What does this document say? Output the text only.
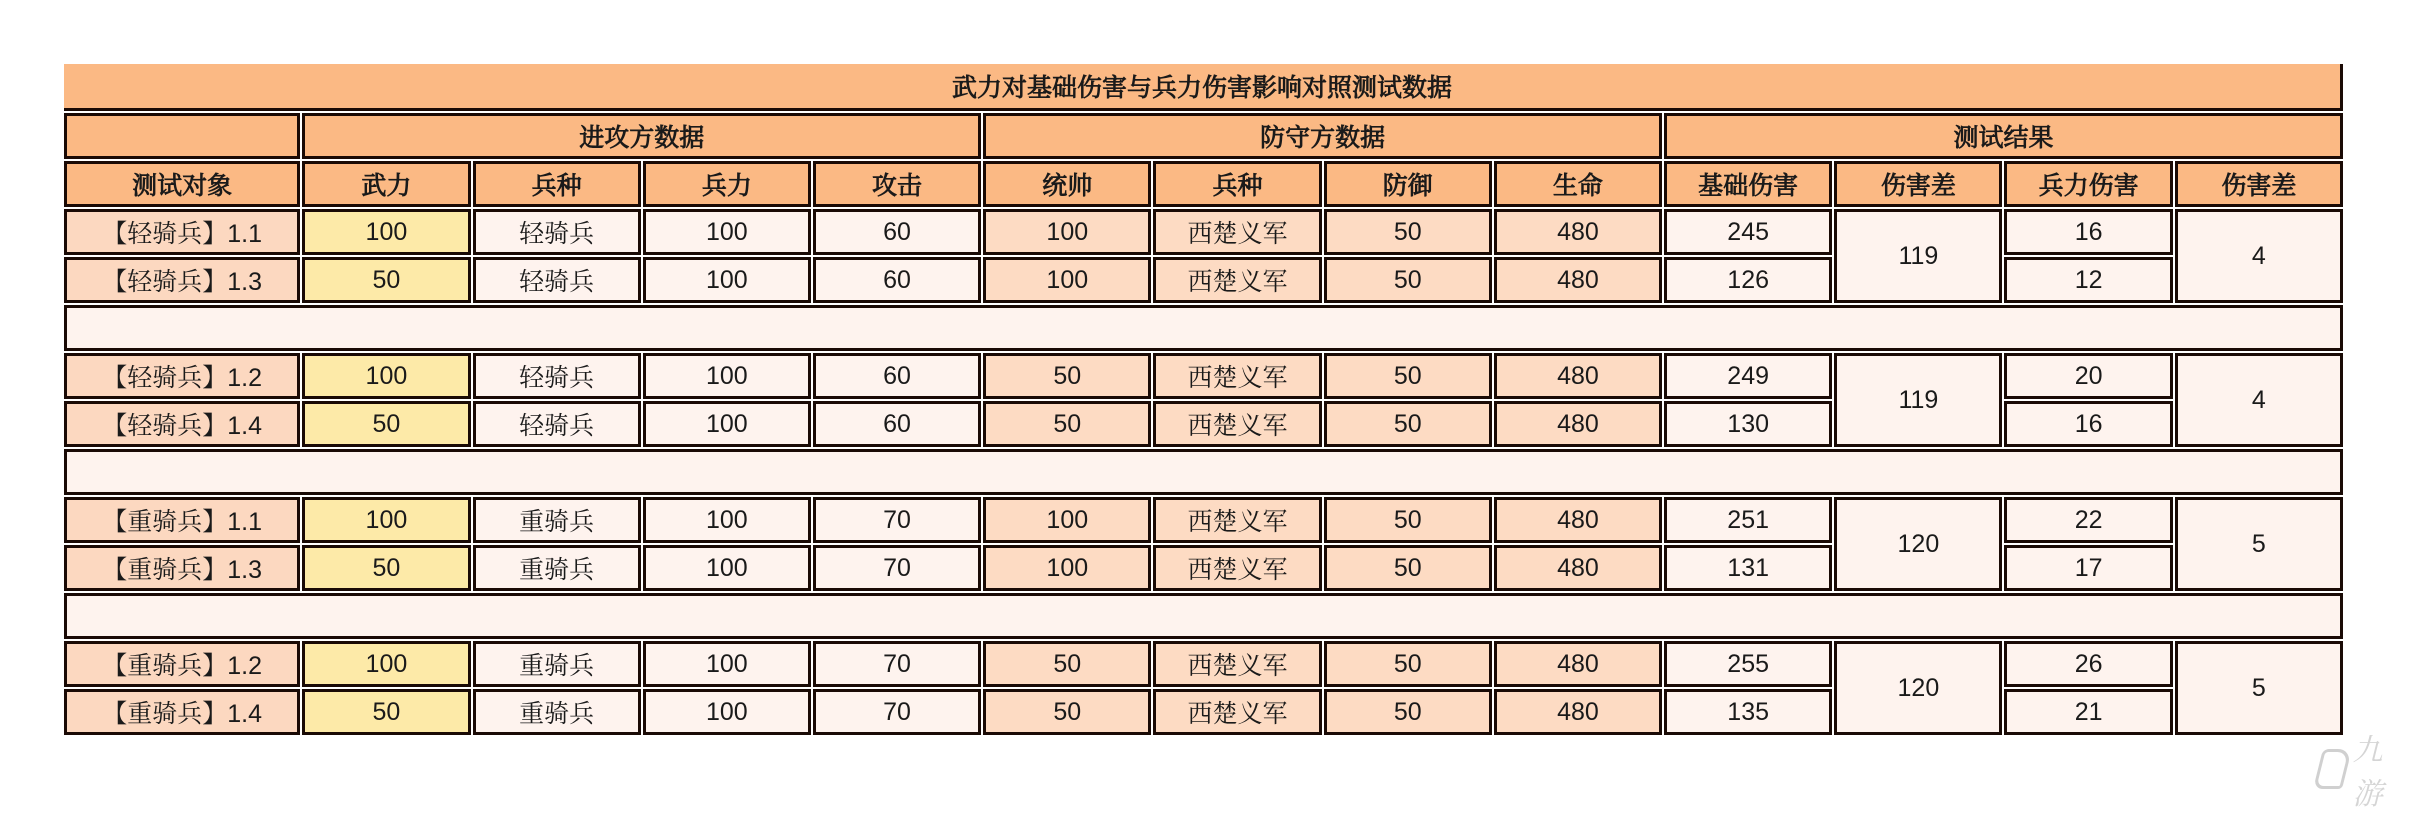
武力对基础伤害与兵力伤害影响对照测试数据												
	进攻方数据				防守方数据				测试结果			
测试对象	武力	兵种	兵力	攻击	统帅	兵种	防御	生命	基础伤害	伤害差	兵力伤害	伤害差
【轻骑兵】1.1	100	轻骑兵	100	60	100	西楚义军	50	480	245	119	16	4
【轻骑兵】1.3	50	轻骑兵	100	60	100	西楚义军	50	480	126		12	

【轻骑兵】1.2	100	轻骑兵	100	60	50	西楚义军	50	480	249	119	20	4
【轻骑兵】1.4	50	轻骑兵	100	60	50	西楚义军	50	480	130		16	

【重骑兵】1.1	100	重骑兵	100	70	100	西楚义军	50	480	251	120	22	5
【重骑兵】1.3	50	重骑兵	100	70	100	西楚义军	50	480	131		17	

【重骑兵】1.2	100	重骑兵	100	70	50	西楚义军	50	480	255	120	26	5
【重骑兵】1.4	50	重骑兵	100	70	50	西楚义军	50	480	135		21	
九游
